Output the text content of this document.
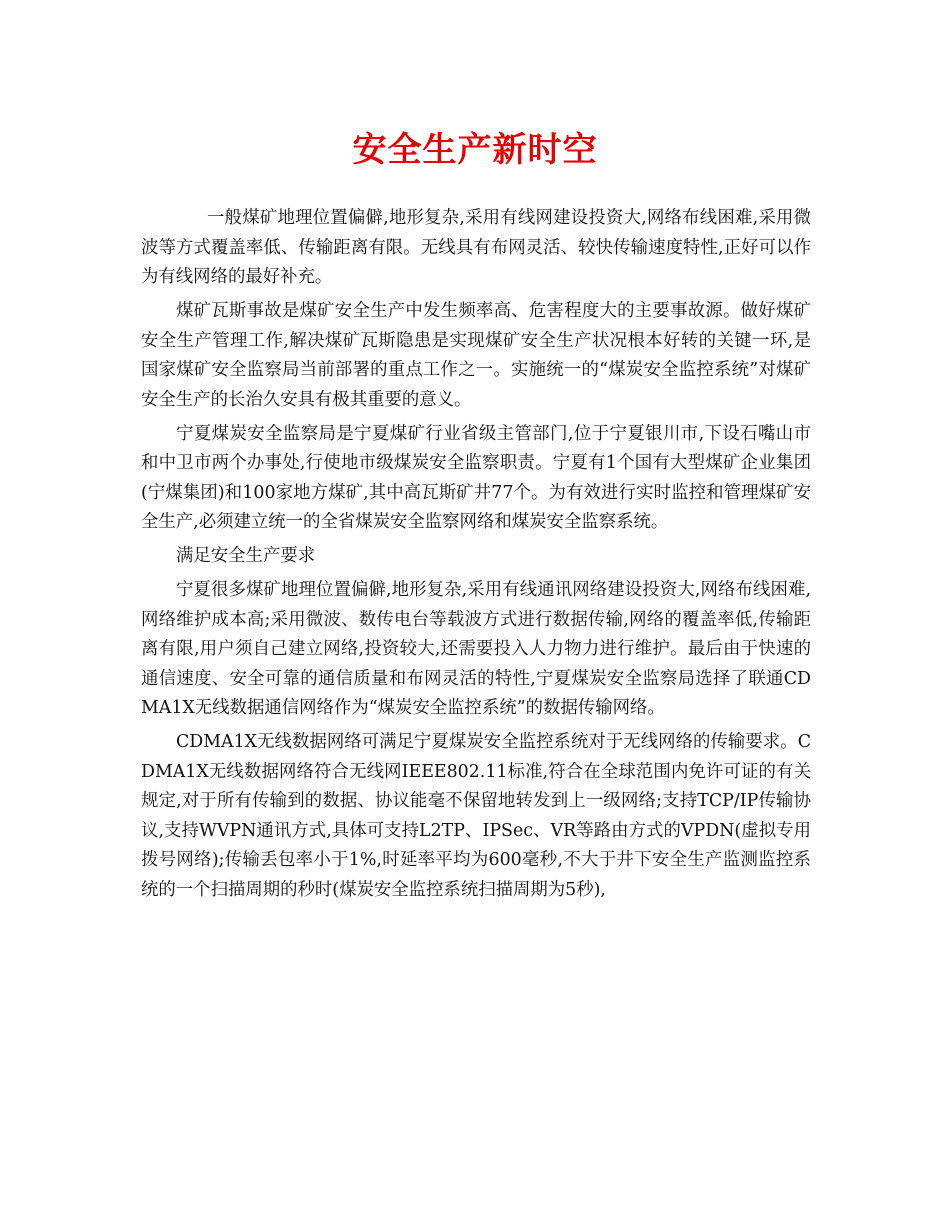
安全生产新时空

一般煤矿地理位置偏僻,地形复杂,采用有线网建设投资大,网络布线困难,采用微波等方式覆盖率低、传输距离有限。无线具有布网灵活、较快传输速度特性,正好可以作为有线网络的最好补充。

煤矿瓦斯事故是煤矿安全生产中发生频率高、危害程度大的主要事故源。做好煤矿安全生产管理工作,解决煤矿瓦斯隐患是实现煤矿安全生产状况根本好转的关键一环,是国家煤矿安全监察局当前部署的重点工作之一。实施统一的“煤炭安全监控系统”对煤矿安全生产的长治久安具有极其重要的意义。

宁夏煤炭安全监察局是宁夏煤矿行业省级主管部门,位于宁夏银川市,下设石嘴山市和中卫市两个办事处,行使地市级煤炭安全监察职责。宁夏有1个国有大型煤矿企业集团(宁煤集团)和100家地方煤矿,其中高瓦斯矿井77个。为有效进行实时监控和管理煤矿安全生产,必须建立统一的全省煤炭安全监察网络和煤炭安全监察系统。

满足安全生产要求

宁夏很多煤矿地理位置偏僻,地形复杂,采用有线通讯网络建设投资大,网络布线困难,网络维护成本高;采用微波、数传电台等载波方式进行数据传输,网络的覆盖率低,传输距离有限,用户须自己建立网络,投资较大,还需要投入人力物力进行维护。最后由于快速的通信速度、安全可靠的通信质量和布网灵活的特性,宁夏煤炭安全监察局选择了联通CDMA1X无线数据通信网络作为“煤炭安全监控系统”的数据传输网络。

CDMA1X无线数据网络可满足宁夏煤炭安全监控系统对于无线网络的传输要求。CDMA1X无线数据网络符合无线网IEEE802.11标准,符合在全球范围内免许可证的有关规定,对于所有传输到的数据、协议能毫不保留地转发到上一级网络;支持TCP/IP传输协议,支持WVPN通讯方式,具体可支持L2TP、IPSec、VR等路由方式的VPDN(虚拟专用拨号网络);传输丢包率小于1%,时延率平均为600毫秒,不大于井下安全生产监测监控系统的一个扫描周期的秒时(煤炭安全监控系统扫描周期为5秒),
